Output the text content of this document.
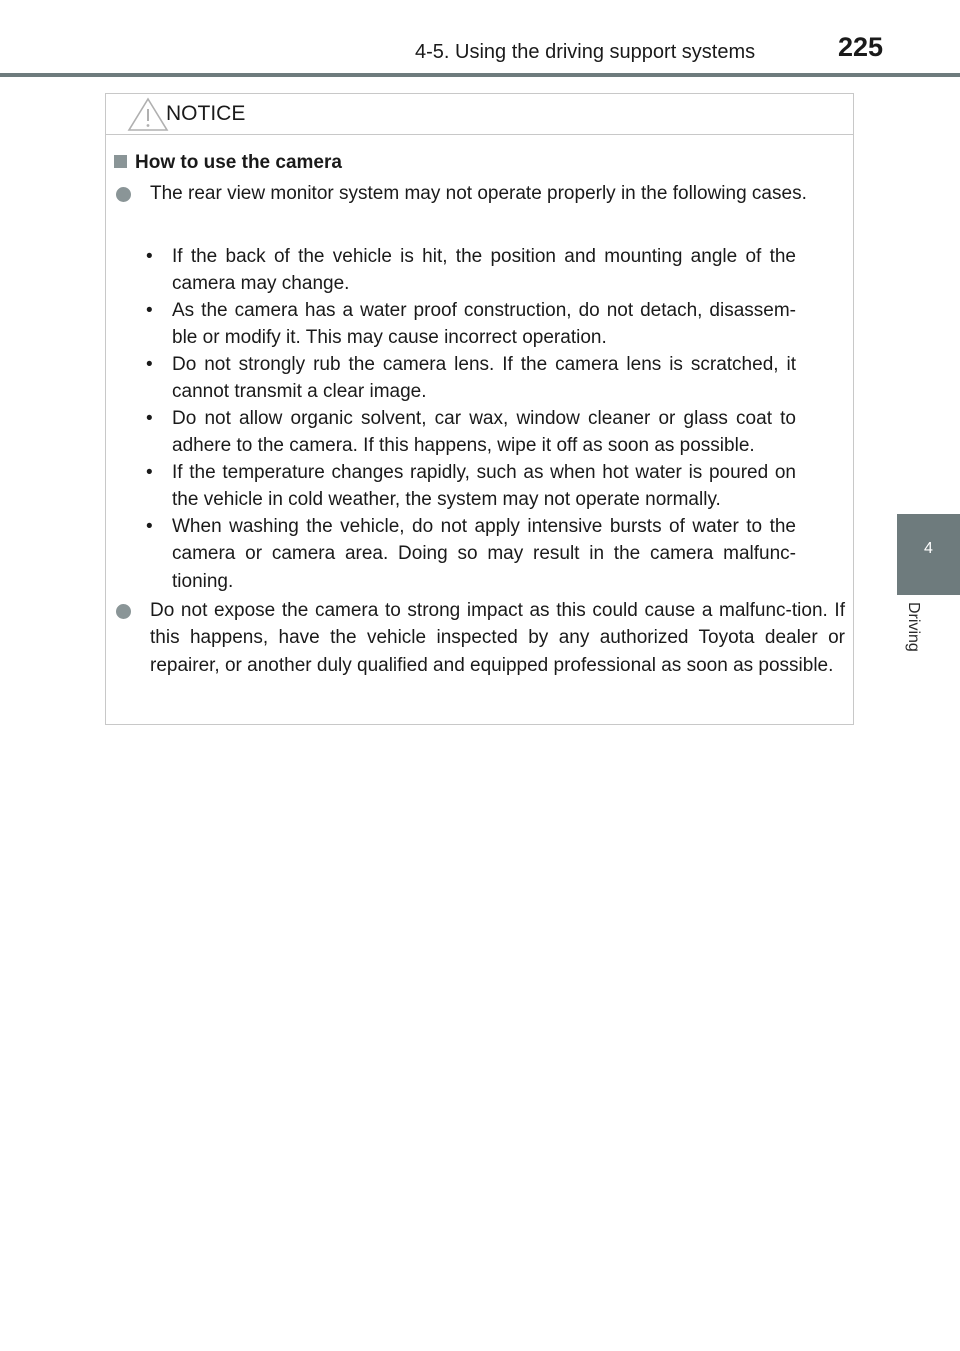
4-5. Using the driving support systems	225
4
Driving
NOTICE
How to use the camera
The rear view monitor system may not operate properly in the following cases.
• If the back of the vehicle is hit, the position and mounting angle of the camera may change.
• As the camera has a water proof construction, do not detach, disassem-ble or modify it. This may cause incorrect operation.
• Do not strongly rub the camera lens. If the camera lens is scratched, it cannot transmit a clear image.
• Do not allow organic solvent, car wax, window cleaner or glass coat to adhere to the camera. If this happens, wipe it off as soon as possible.
• If the temperature changes rapidly, such as when hot water is poured on the vehicle in cold weather, the system may not operate normally.
• When washing the vehicle, do not apply intensive bursts of water to the camera or camera area. Doing so may result in the camera malfunc-tioning.
Do not expose the camera to strong impact as this could cause a malfunc-tion. If this happens, have the vehicle inspected by any authorized Toyota dealer or repairer, or another duly qualified and equipped professional as soon as possible.
